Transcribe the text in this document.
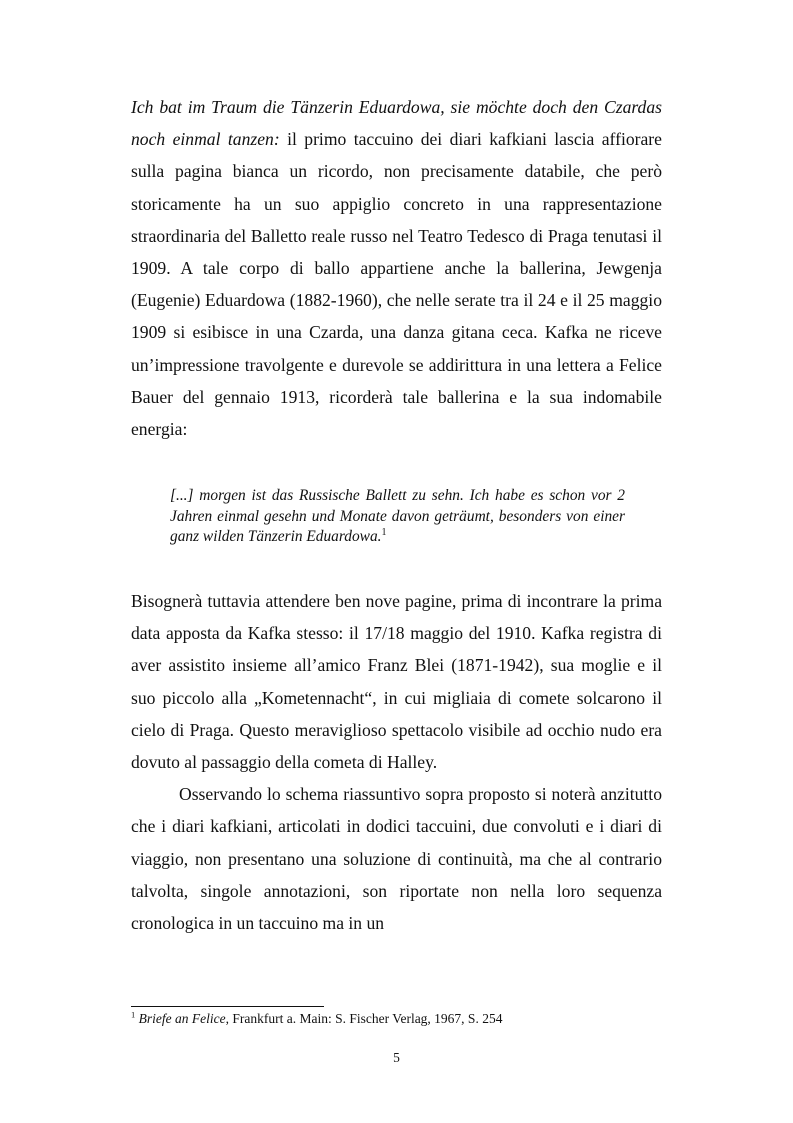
Ich bat im Traum die Tänzerin Eduardowa, sie möchte doch den Czardas noch einmal tanzen: il primo taccuino dei diari kafkiani lascia affiorare sulla pagina bianca un ricordo, non precisamente databile, che però storicamente ha un suo appiglio concreto in una rappresentazione straordinaria del Balletto reale russo nel Teatro Tedesco di Praga tenutasi il 1909. A tale corpo di ballo appartiene anche la ballerina, Jewgenja (Eugenie) Eduardowa (1882-1960), che nelle serate tra il 24 e il 25 maggio 1909 si esibisce in una Czarda, una danza gitana ceca. Kafka ne riceve un’impressione travolgente e durevole se addirittura in una lettera a Felice Bauer del gennaio 1913, ricorderà tale ballerina e la sua indomabile energia:

[...] morgen ist das Russische Ballett zu sehn. Ich habe es schon vor 2 Jahren einmal gesehn und Monate davon geträumt, besonders von einer ganz wilden Tänzerin Eduardowa.$^1$

Bisognerà tuttavia attendere ben nove pagine, prima di incontrare la prima data apposta da Kafka stesso: il 17/18 maggio del 1910. Kafka registra di aver assistito insieme all’amico Franz Blei (1871-1942), sua moglie e il suo piccolo alla „Kometennacht“, in cui migliaia di comete solcarono il cielo di Praga. Questo meraviglioso spettacolo visibile ad occhio nudo era dovuto al passaggio della cometa di Halley.

Osservando lo schema riassuntivo sopra proposto si noterà anzitutto che i diari kafkiani, articolati in dodici taccuini, due convoluti e i diari di viaggio, non presentano una soluzione di continuità, ma che al contrario talvolta, singole annotazioni, son riportate non nella loro sequenza cronologica in un taccuino ma in un

$^1$ Briefe an Felice, Frankfurt a. Main: S. Fischer Verlag, 1967, S. 254
5
